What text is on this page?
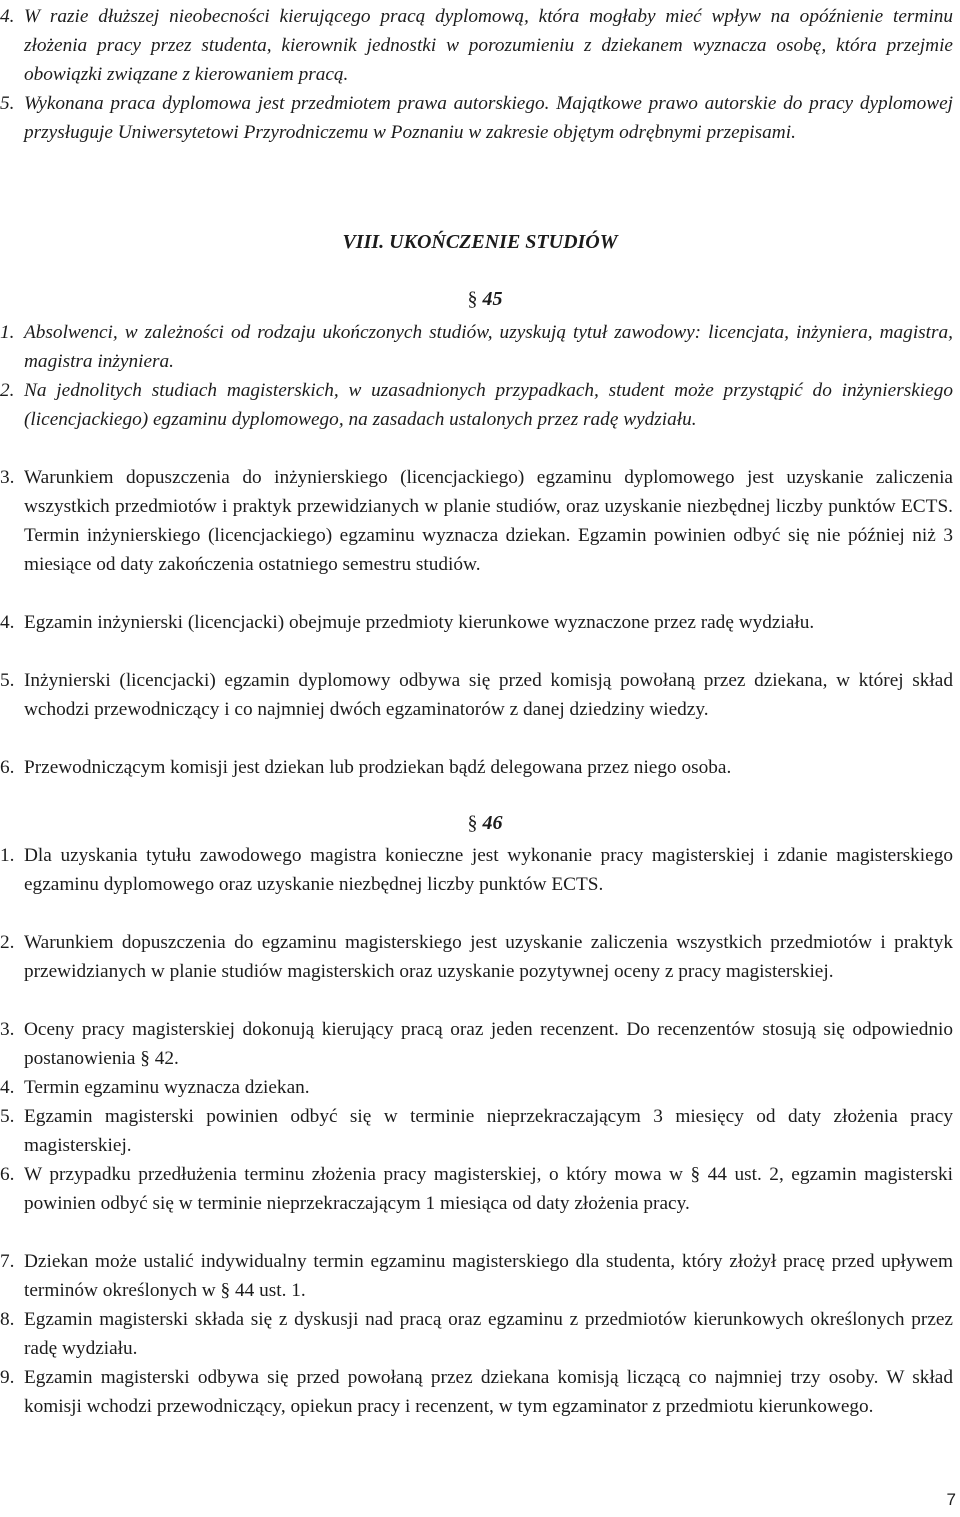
4. W razie dłuższej nieobecności kierującego pracą dyplomową, która mogłaby mieć wpływ na opóźnienie terminu złożenia pracy przez studenta, kierownik jednostki w porozumieniu z dziekanem wyznacza osobę, która przejmie obowiązki związane z kierowaniem pracą.

5. Wykonana praca dyplomowa jest przedmiotem prawa autorskiego. Majątkowe prawo autorskie do pracy dyplomowej przysługuje Uniwersytetowi Przyrodniczemu w Poznaniu w zakresie objętym odrębnymi przepisami.

VIII. UKOŃCZENIE STUDIÓW
§ 45

1. Absolwenci, w zależności od rodzaju ukończonych studiów, uzyskują tytuł zawodowy: licencjata, inżyniera, magistra, magistra inżyniera.

2. Na jednolitych studiach magisterskich, w uzasadnionych przypadkach, student może przystąpić do inżynierskiego (licencjackiego) egzaminu dyplomowego, na zasadach ustalonych przez radę wydziału.

3. Warunkiem dopuszczenia do inżynierskiego (licencjackiego) egzaminu dyplomowego jest uzyskanie zaliczenia wszystkich przedmiotów i praktyk przewidzianych w planie studiów, oraz uzyskanie niezbędnej liczby punktów ECTS. Termin inżynierskiego (licencjackiego) egzaminu wyznacza dziekan. Egzamin powinien odbyć się nie później niż 3 miesiące od daty zakończenia ostatniego semestru studiów.

4. Egzamin inżynierski (licencjacki) obejmuje przedmioty kierunkowe wyznaczone przez radę wydziału.

5. Inżynierski (licencjacki) egzamin dyplomowy odbywa się przed komisją powołaną przez dziekana, w której skład wchodzi przewodniczący i co najmniej dwóch egzaminatorów z danej dziedziny wiedzy.

6. Przewodniczącym komisji jest dziekan lub prodziekan bądź delegowana przez niego osoba.

§ 46

1. Dla uzyskania tytułu zawodowego magistra konieczne jest wykonanie pracy magisterskiej i zdanie magisterskiego egzaminu dyplomowego oraz uzyskanie niezbędnej liczby punktów ECTS.

2. Warunkiem dopuszczenia do egzaminu magisterskiego jest uzyskanie zaliczenia wszystkich przedmiotów i praktyk przewidzianych w planie studiów magisterskich oraz uzyskanie pozytywnej oceny z pracy magisterskiej.

3. Oceny pracy magisterskiej dokonują kierujący pracą oraz jeden recenzent. Do recenzentów stosują się odpowiednio postanowienia § 42.

4. Termin egzaminu wyznacza dziekan.

5. Egzamin magisterski powinien odbyć się w terminie nieprzekraczającym 3 miesięcy od daty złożenia pracy magisterskiej.

6. W przypadku przedłużenia terminu złożenia pracy magisterskiej, o który mowa w § 44 ust. 2, egzamin magisterski powinien odbyć się w terminie nieprzekraczającym 1 miesiąca od daty złożenia pracy.

7. Dziekan może ustalić indywidualny termin egzaminu magisterskiego dla studenta, który złożył pracę przed upływem terminów określonych w § 44 ust. 1.

8. Egzamin magisterski składa się z dyskusji nad pracą oraz egzaminu z przedmiotów kierunkowych określonych przez radę wydziału.

9. Egzamin magisterski odbywa się przed powołaną przez dziekana komisją liczącą co najmniej trzy osoby. W skład komisji wchodzi przewodniczący, opiekun pracy i recenzent, w tym egzaminator z przedmiotu kierunkowego.

7
